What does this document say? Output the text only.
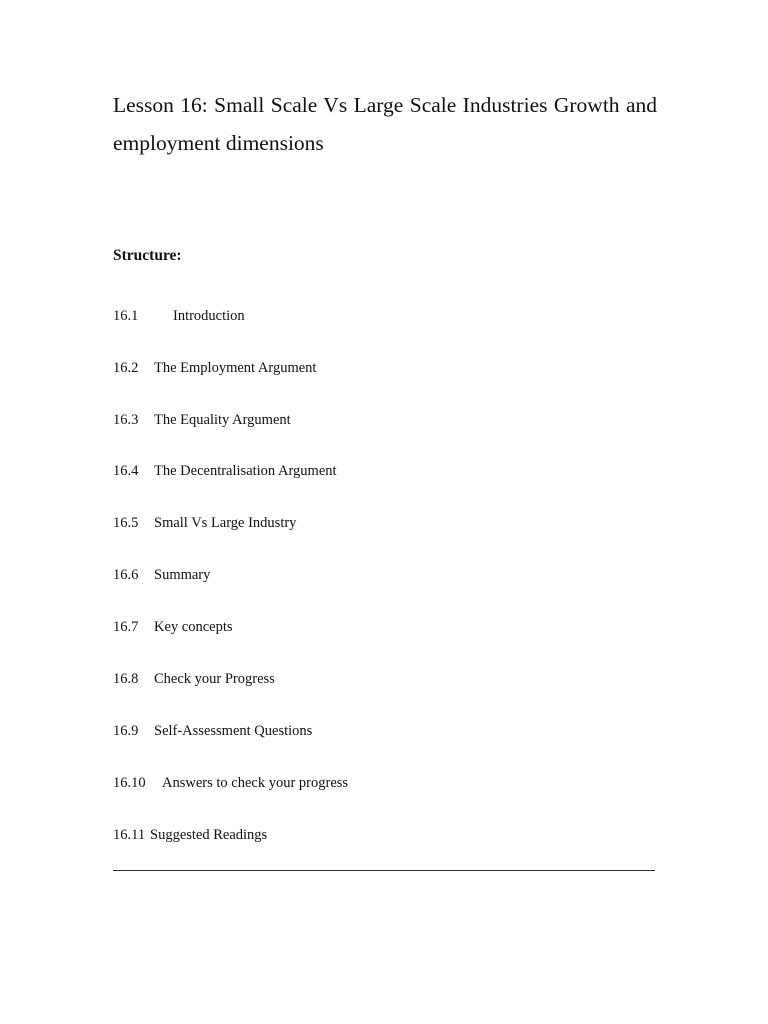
Lesson 16: Small Scale Vs Large Scale Industries Growth and employment dimensions
Structure:
16.1 Introduction
16.2 The Employment Argument
16.3 The Equality Argument
16.4 The Decentralisation Argument
16.5 Small Vs Large Industry
16.6 Summary
16.7 Key concepts
16.8 Check your Progress
16.9 Self-Assessment Questions
16.10 Answers to check your progress
16.11 Suggested Readings
